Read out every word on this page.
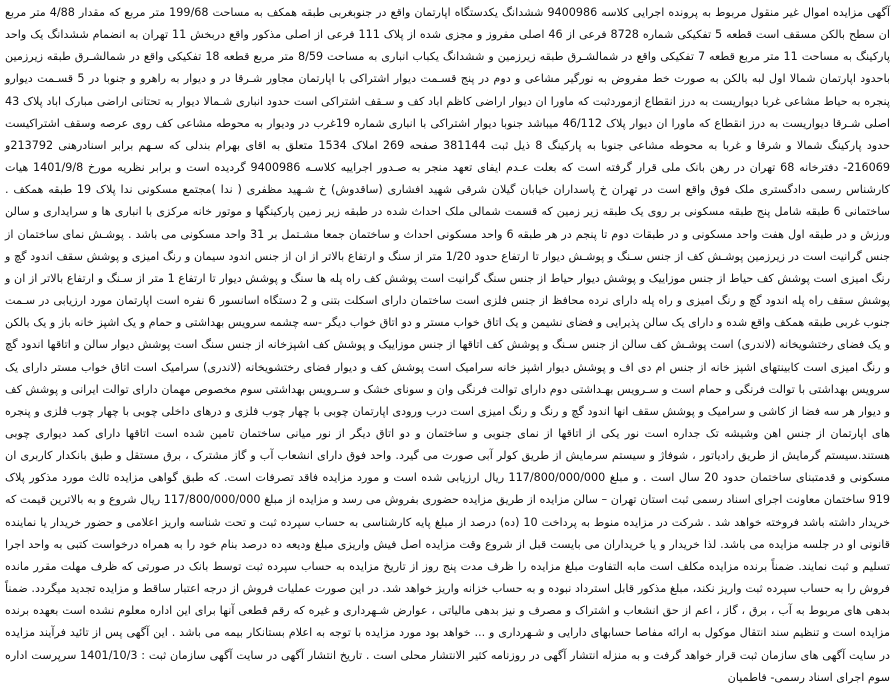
آگهی مزایده اموال غیر منقول مربوط به پرونده اجرایی کلاسه 9400986 ششدانگ یکدستگاه اپارتمان واقع در جنوبغربی طبقه همکف به مساحت 199/68 متر مربع که مقدار 4/88 متر مربع ان سطح بالکن مسقف است قطعه 5 تفکیکی شماره 8728 فرعی از 46 اصلی مفروز و مجزی شده از پلاک 111 فرعی از اصلی مذکور واقع دربخش 11 تهران به انضمام ششدانگ یک واحد پارکینگ به مساحت 11 متر مربع قطعه 7 تفکیکی واقع در شمالشـرق طبقه زیرزمین و ششدانگ یکباب انباری به مساحت 8/59 متر مربع قطعه 18 تفکیکی واقع در شمالشـرق طبقه زیرزمین باحدود اپارتمان شمالا اول لبه بالکن به صورت خط مفروض به نورگیر مشاعی و دوم در پنج قسـمت دیوار اشتراکی با اپارتمان مجاور شـرقا در و دیوار به راهرو و جنوبا در 5 قسـمت دیوارو پنجره به حیاط مشاعی غربا دیواریست به درز انقطاع ازموردثبت که ماورا ان دیوار اراضی کاظم اباد کف و سـقف اشتراکی است حدود انباری شـمالا دیوار به تحتانی اراضی مبارک اباد پلاک 43 اصلی شـرقا دیواریست به درز انقطاع که ماورا ان دیوار پلاک 46/112 میباشد جنوبا دیوار اشتراکی با انباری شماره 19غرب در ودیوار به محوطه مشاعی کف روی عرصه وسقف اشتراکیست حدود پارکینگ شمالا و شرقا و غربا به محوطه مشاعی جنوبا به پارکینگ 8 ذیل ثبت 381144 صفحه 269 املاک 1534 متعلق به اقای بهرام بندلی که سـهم برابر اسنادرهنی 213792و 216069- دفترخانه 68 تهران در رهن بانک ملی قرار گرفته است که بعلت عـدم ایفای تعهد منجر به صـدور اجراییه کلاسـه 9400986 گردیده است و برابر نظریه مورخ 1401/9/8 هیات کارشناس رسمی دادگستری ملک فوق واقع است در تهران خ پاسداران خیابان گیلان شرقی شهید افشاری (ساقدوش) خ شـهید مظفری ( ندا )مجتمع مسکونی ندا پلاک 19 طبقه همکف . ساختمانی 6 طبقه شامل پنج طبقه مسکونی بر روی یک طبقه زیر زمین که قسمت شمالی ملک احداث شده در طبقه زیر زمین پارکینگها و موتور خانه مرکزی با انباری ها و سرایداری و سالن ورزش و در طبقه اول هفت واحد مسکونی و در طبقات دوم تا پنجم در هر طبقه 6 واحد مسکونی احداث و ساختمان جمعا مشـتمل بر 31 واحد مسکونی می باشد . پوشـش نمای ساختمان از جنس گرانیت است در زیرزمین پوشـش کف از جنس سـنگ و پوشـش دیوار تا ارتفاع حدود 1/20 متر از سنگ و ارتفاع بالاتر از ان از جنس اندود سیمان و رنگ امیزی و پوشش سقف اندود گچ و رنگ امیزی است پوشش کف حیاط از جنس موزاییک و پوشش دیوار حیاط از جنس سنگ گرانیت است پوشش کف راه پله ها سنگ و پوشش دیوار تا ارتفاع 1 متر از سـنگ و ارتفاع بالاتر از ان و پوشش سقف راه پله اندود گچ و رنگ امیزی و راه پله دارای نرده محافظ از جنس فلزی است ساختمان دارای اسکلت بتنی و 2 دستگاه اسانسور 6 نفره است اپارتمان مورد ارزیابی در سـمت جنوب غربی طبقه همکف واقع شده و دارای یک سالن پذیرایی و فضای نشیمن و یک اتاق خواب مستر و دو اتاق خواب دیگر -سه چشمه سرویس بهداشتی و حمام و یک اشپز خانه باز و یک بالکن و یک فضای رختشویخانه (لاندری) است پوشـش کف سالن از جنس سـنگ و پوشش کف اتاقها از جنس موزاییک و پوشش کف اشپزخانه از جنس سنگ است پوشش دیوار سالن و اتاقها اندود گچ و رنگ امیزی است کابینتهای اشپز خانه از جنس ام دی اف و پوشش دیوار اشپز خانه سرامیک است پوشش کف و دیوار فضای رختشویخانه (لاندری) سرامیک است اتاق خواب مستر دارای یک سرویس بهداشتی با توالت فرنگی و حمام است و سـرویس بهـداشتی دوم دارای توالت فرنگی وان و سونای خشک و سـرویس بهداشتی سوم مخصوص مهمان دارای توالت ایرانی و پوشش کف و دیوار هر سه فضا از کاشی و سرامیک و پوشش سقف انها اندود گچ و رنگ و رنگ امیزی است درب ورودی اپارتمان چوبی با چهار چوب فلزی و درهای داخلی چوبی با چهار چوب فلزی و پنجره های اپارتمان از جنس اهن وشیشه تک جداره است نور یکی از اتاقها از نمای جنوبی و ساختمان و دو اتاق دیگر از نور میانی ساختمان تامین شده است اتاقها دارای کمد دیواری چوبی هستند.سیستم گرمایش از طریق رادیاتور ، شوفاژ و سیستم سرمایش از طریق کولر آبی صورت می گیرد. واحد فوق دارای انشعاب آب و گاز مشترک ، برق مستقل و طبق بانکدار کاربری ان مسکونی و قدمتبنای ساختمان حدود 20 سال است . و مبلغ 117/800/000/000 ریال ارزیابی شده است و مورد مزایده فاقد تصرفات است. که طبق گواهی مزایده ثالث مورد مذکور پلاک 919 ساختمان معاونت اجرای اسناد رسمی ثبت استان تهران – سالن مزایده از طریق مزایده حضوری بفروش می رسد و مزایده از مبلغ 117/800/000/000 ریال شروع و به بالاترین قیمت که خریدار داشته باشد فروخته خواهد شد . شرکت در مزایده منوط به پرداخت 10 (ده) درصد از مبلغ پایه کارشناسی به حساب سپرده ثبت و تحت شناسه واریز اعلامی و حضور خریدار یا نماینده قانونی او در جلسه مزایده می باشد. لذا خریدار و یا خریداران می بایست قبل از شروع وقت مزایده اصل فیش واریزی مبلغ ودیعه ده درصد بنام خود را به همراه درخواست کتبی به واحد اجرا تسلیم و ثبت نمایند. ضمناً برنده مزایده مکلف است مابه التفاوت مبلغ مزایده را ظرف مدت پنج روز از تاریخ مزایده به حساب سپرده ثبت توسط بانک در صورتی که ظرف مهلت مقرر مانده فروش را به حساب سپرده ثبت واریز نکند، مبلغ مذکور قابل استرداد نبوده و به حساب خزانه واریز خواهد شد. در این صورت عملیات فروش از درجه اعتبار ساقط و مزایده تجدید میگردد. ضمناً بدهی های مربوط به آب ، برق ، گاز ، اعم از حق انشعاب و اشتراک و مصرف و نیز بدهی مالیاتی ، عوارض شـهرداری و غیره که رقم قطعی آنها برای این اداره معلوم نشده است بعهده برنده مزایده است و تنظیم سند انتقال موکول به ارائه مفاصا حسابهای دارایی و شـهرداری و ... خواهد بود مورد مزایده با توجه به اعلام بستانکار بیمه می باشد . این آگهی پس از تائید فرآیند مزایده در سایت آگهی های سازمان ثبت قرار خواهد گرفت و به منزله انتشار آگهی در روزنامه کثیر الانتشار محلی است . تاریخ انتشار آگهی در سایت آگهی سازمان ثبت : 1401/10/3 سرپرست اداره سوم اجرای اسناد رسمی- فاطمیان
